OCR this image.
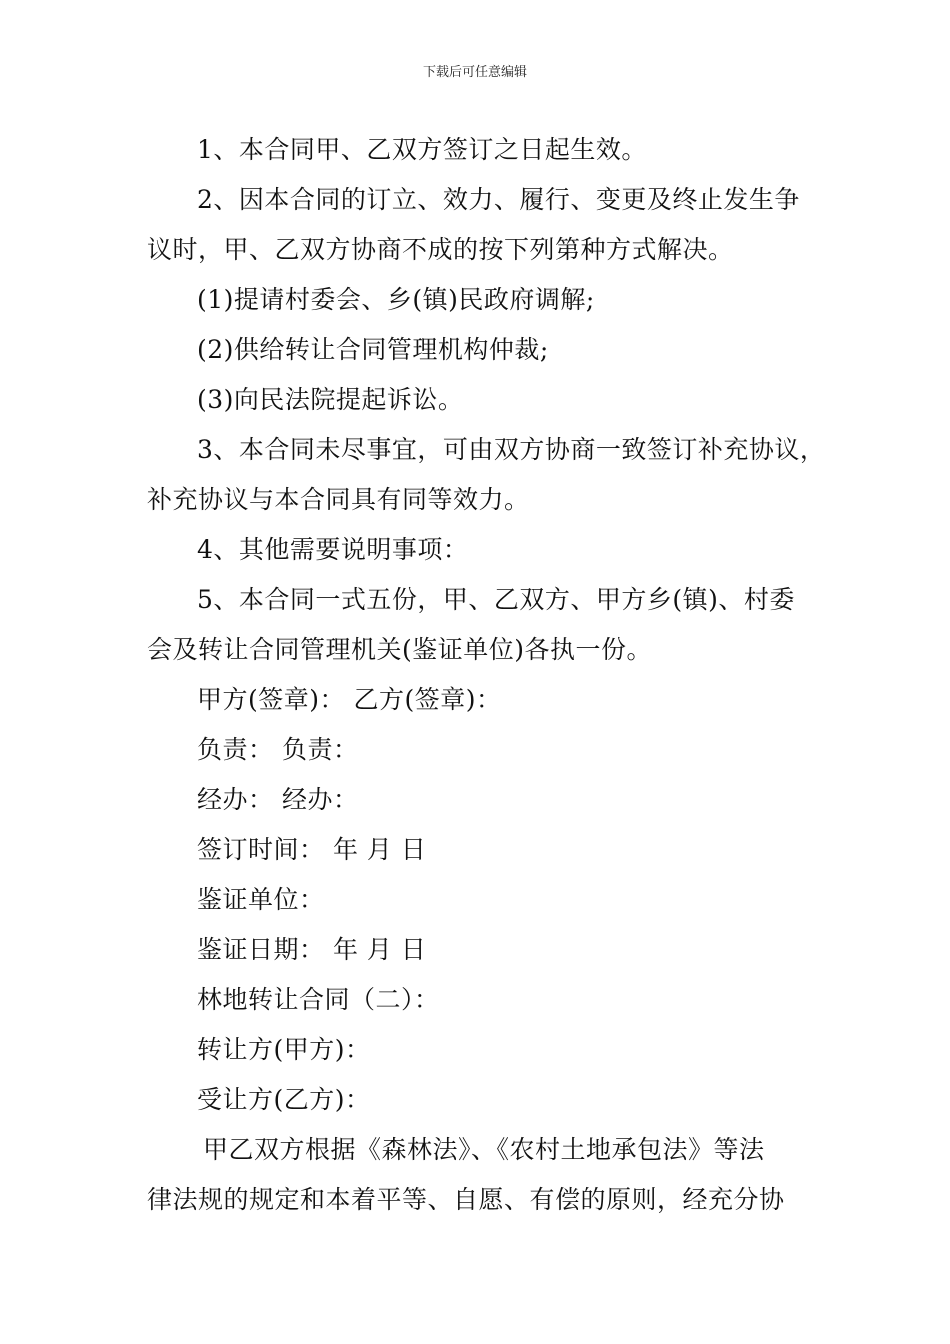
下载后可任意编辑
1、本合同甲、乙双方签订之日起生效。
2、因本合同的订立、效力、履行、变更及终止发生争
议时，甲、乙双方协商不成的按下列第种方式解决。
(1)提请村委会、乡(镇)民政府调解;
(2)供给转让合同管理机构仲裁;
(3)向民法院提起诉讼。
3、本合同未尽事宜，可由双方协商一致签订补充协议，
补充协议与本合同具有同等效力。
4、其他需要说明事项：
5、本合同一式五份，甲、乙双方、甲方乡(镇)、村委
会及转让合同管理机关(鉴证单位)各执一份。
甲方(签章)： 乙方(签章)：
负责： 负责：
经办： 经办：
签订时间： 年 月 日
鉴证单位：
鉴证日期： 年 月 日
林地转让合同（二）：
转让方(甲方)：
受让方(乙方)：
甲乙双方根据《森林法》、《农村土地承包法》等法
律法规的规定和本着平等、自愿、有偿的原则，经充分协
